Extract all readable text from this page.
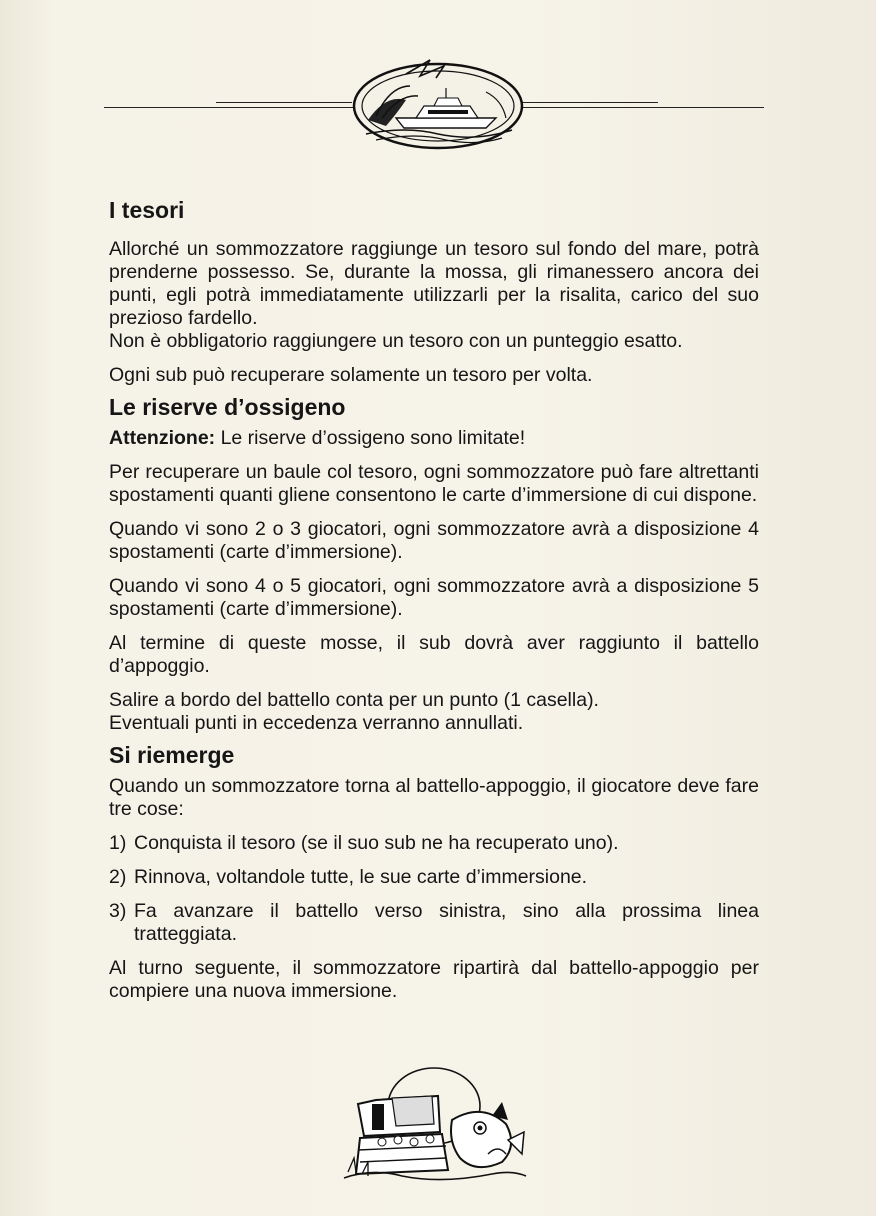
I tesori

Allorché un sommozzatore raggiunge un tesoro sul fondo del mare, potrà prenderne possesso. Se, durante la mossa, gli rimanessero ancora dei punti, egli potrà immediatamente utilizzarli per la risalita, carico del suo prezioso fardello.

Non è obbligatorio raggiungere un tesoro con un punteggio esatto.

Ogni sub può recuperare solamente un tesoro per volta.

Le riserve d’ossigeno

Attenzione: Le riserve d’ossigeno sono limitate!

Per recuperare un baule col tesoro, ogni sommozzatore può fare altrettanti spostamenti quanti gliene consentono le carte d’immersione di cui dispone.

Quando vi sono 2 o 3 giocatori, ogni sommozzatore avrà a disposizione 4 spostamenti (carte d’immersione).

Quando vi sono 4 o 5 giocatori, ogni sommozzatore avrà a disposizione 5 spostamenti (carte d’immersione).

Al termine di queste mosse, il sub dovrà aver raggiunto il battello d’appoggio.

Salire a bordo del battello conta per un punto (1 casella).

Eventuali punti in eccedenza verranno annullati.

Si riemerge

Quando un sommozzatore torna al battello-appoggio, il giocatore deve fare tre cose:

1) Conquista il tesoro (se il suo sub ne ha recuperato uno).
2) Rinnova, voltandole tutte, le sue carte d’immersione.
3) Fa avanzare il battello verso sinistra, sino alla prossima linea tratteggiata.

Al turno seguente, il sommozzatore ripartirà dal battello-appoggio per compiere una nuova immersione.
